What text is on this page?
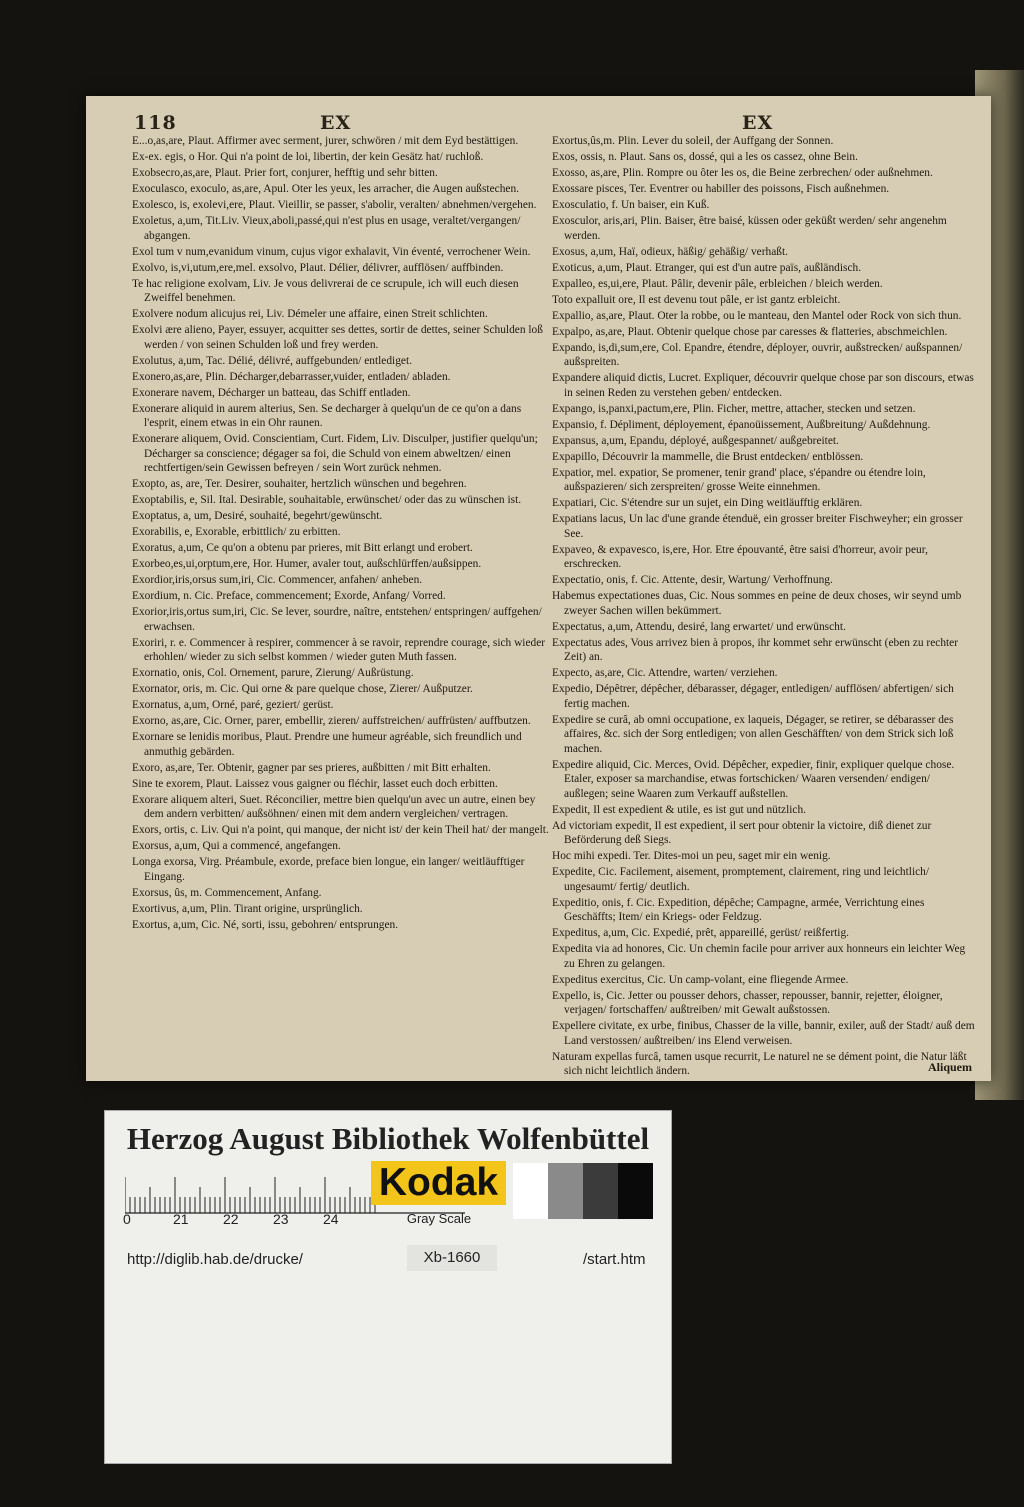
118	EX	EX
E...o,as,are, Plaut. Affirmer avec serment, jurer, schwören / mit dem Eyd bestättigen.
Ex-ex. egis, o Hor. Qui n'a point de loi, libertin, der kein Gesätz hat/ ruchloß.
Exobsecro,as,are, Plaut. Prier fort, conjurer, hefftig und sehr bitten.
Exoculasco, exoculo, as,are, Apul. Oter les yeux, les arracher, die Augen außstechen.
Exolesco, is, exolevi,ere, Plaut. Vieillir, se passer, s'abolir, veralten/ abnehmen/vergehen.
Exoletus, a,um, Tit.Liv. Vieux,aboli,passé,qui n'est plus en usage, veraltet/vergangen/ abgangen.
Exol tum v num,evanidum vinum, cujus vigor exhalavit, Vin éventé, verrochener Wein.
Exolvo, is,vi,utum,ere,mel. exsolvo, Plaut. Délier, délivrer, aufflösen/ auffbinden.
Te hac religione exolvam, Liv. Je vous delivrerai de ce scrupule, ich will euch diesen Zweiffel benehmen.
Exolvere nodum alicujus rei, Liv. Démeler une affaire, einen Streit schlichten.
Exolvi ære alieno, Payer, essuyer, acquitter ses dettes, sortir de dettes, seiner Schulden loß werden / von seinen Schulden loß und frey werden.
Exolutus, a,um, Tac. Délié, délivré, auffgebunden/ entlediget.
Exonero,as,are, Plin. Décharger,debarrasser,vuider, entladen/ abladen.
Exonerare navem, Décharger un batteau, das Schiff entladen.
Exonerare aliquid in aurem alterius, Sen. Se decharger à quelqu'un de ce qu'on a dans l'esprit, einem etwas in ein Ohr raunen.
Exonerare aliquem, Ovid. Conscientiam, Curt. Fidem, Liv. Disculper, justifier quelqu'un; Décharger sa conscience; dégager sa foi, die Schuld von einem abweltzen/ einen rechtfertigen/sein Gewissen befreyen / sein Wort zurück nehmen.
Exopto, as, are, Ter. Desirer, souhaiter, hertzlich wünschen und begehren.
Exoptabilis, e, Sil. Ital. Desirable, souhaitable, erwünschet/ oder das zu wünschen ist.
Exoptatus, a, um, Desiré, souhaité, begehrt/gewünscht.
Exorabilis, e, Exorable, erbittlich/ zu erbitten.
Exoratus, a,um, Ce qu'on a obtenu par prieres, mit Bitt erlangt und erobert.
Exorbeo,es,ui,orptum,ere, Hor. Humer, avaler tout, außschlürffen/außsippen.
Exordior,iris,orsus sum,iri, Cic. Commencer, anfahen/ anheben.
Exordium, n. Cic. Preface, commencement; Exorde, Anfang/ Vorred.
Exorior,iris,ortus sum,iri, Cic. Se lever, sourdre, naître, entstehen/ entspringen/ auffgehen/ erwachsen.
Exoriri, r. e. Commencer à respirer, commencer à se ravoir, reprendre courage, sich wieder erhohlen/ wieder zu sich selbst kommen / wieder guten Muth fassen.
Exornatio, onis, Col. Ornement, parure, Zierung/ Außrüstung.
Exornator, oris, m. Cic. Qui orne & pare quelque chose, Zierer/ Außputzer.
Exornatus, a,um, Orné, paré, geziert/ gerüst.
Exorno, as,are, Cic. Orner, parer, embellir, zieren/ auffstreichen/ auffrüsten/ auffbutzen.
Exornare se lenidis moribus, Plaut. Prendre une humeur agréable, sich freundlich und anmuthig gebärden.
Exoro, as,are, Ter. Obtenir, gagner par ses prieres, außbitten / mit Bitt erhalten.
Sine te exorem, Plaut. Laissez vous gaigner ou fléchir, lasset euch doch erbitten.
Exorare aliquem alteri, Suet. Réconcilier, mettre bien quelqu'un avec un autre, einen bey dem andern verbitten/ außsöhnen/ einen mit dem andern vergleichen/ vertragen.
Exors, ortis, c. Liv. Qui n'a point, qui manque, der nicht ist/ der kein Theil hat/ der mangelt.
Exorsus, a,um, Qui a commencé, angefangen.
Longa exorsa, Virg. Préambule, exorde, preface bien longue, ein langer/ weitläufftiger Eingang.
Exorsus, ûs, m. Commencement, Anfang.
Exortivus, a,um, Plin. Tirant origine, ursprünglich.
Exortus, a,um, Cic. Né, sorti, issu, gebohren/ entsprungen.
Exortus,ûs,m. Plin. Lever du soleil, der Auffgang der Sonnen.
Exos, ossis, n. Plaut. Sans os, dossé, qui a les os cassez, ohne Bein.
Exosso, as,are, Plin. Rompre ou ôter les os, die Beine zerbrechen/ oder außnehmen.
Exossare pisces, Ter. Eventrer ou habiller des poissons, Fisch außnehmen.
Exosculatio, f. Un baiser, ein Kuß.
Exosculor, aris,ari, Plin. Baiser, être baisé, küssen oder geküßt werden/ sehr angenehm werden.
Exosus, a,um, Haï, odieux, häßig/ gehäßig/ verhaßt.
Exoticus, a,um, Plaut. Etranger, qui est d'un autre païs, außländisch.
Expalleo, es,ui,ere, Plaut. Pâlir, devenir pâle, erbleichen / bleich werden.
Toto expalluit ore, Il est devenu tout pâle, er ist gantz erbleicht.
Expallio, as,are, Plaut. Oter la robbe, ou le manteau, den Mantel oder Rock von sich thun.
Expalpo, as,are, Plaut. Obtenir quelque chose par caresses & flatteries, abschmeichlen.
Expando, is,di,sum,ere, Col. Epandre, étendre, déployer, ouvrir, außstrecken/ außspannen/ außspreiten.
Expandere aliquid dictis, Lucret. Expliquer, découvrir quelque chose par son discours, etwas in seinen Reden zu verstehen geben/ entdecken.
Expango, is,panxi,pactum,ere, Plin. Ficher, mettre, attacher, stecken und setzen.
Expansio, f. Dépliment, déployement, épanoüissement, Außbreitung/ Außdehnung.
Expansus, a,um, Epandu, déployé, außgespannet/ außgebreitet.
Expapillo, Découvrir la mammelle, die Brust entdecken/ entblössen.
Expatior, mel. expatior, Se promener, tenir grand' place, s'épandre ou étendre loin, außspazieren/ sich zerspreiten/ grosse Weite einnehmen.
Expatiari, Cic. S'étendre sur un sujet, ein Ding weitläufftig erklären.
Expatians lacus, Un lac d'une grande étenduë, ein grosser breiter Fischweyher; ein grosser See.
Expaveo, & expavesco, is,ere, Hor. Etre épouvanté, être saisi d'horreur, avoir peur, erschrecken.
Expectatio, onis, f. Cic. Attente, desir, Wartung/ Verhoffnung.
Habemus expectationes duas, Cic. Nous sommes en peine de deux choses, wir seynd umb zweyer Sachen willen bekümmert.
Expectatus, a,um, Attendu, desiré, lang erwartet/ und erwünscht.
Expectatus ades, Vous arrivez bien à propos, ihr kommet sehr erwünscht (eben zu rechter Zeit) an.
Expecto, as,are, Cic. Attendre, warten/ verziehen.
Expedio, Dépêtrer, dépêcher, débarasser, dégager, entledigen/ aufflösen/ abfertigen/ sich fertig machen.
Expedire se curâ, ab omni occupatione, ex laqueis, Dégager, se retirer, se débarasser des affaires, &c. sich der Sorg entledigen; von allen Geschäfften/ von dem Strick sich loß machen.
Expedire aliquid, Cic. Merces, Ovid. Dépêcher, expedier, finir, expliquer quelque chose. Etaler, exposer sa marchandise, etwas fortschicken/ Waaren versenden/ endigen/ außlegen; seine Waaren zum Verkauff außstellen.
Expedit, Il est expedient & utile, es ist gut und nützlich.
Ad victoriam expedit, Il est expedient, il sert pour obtenir la victoire, diß dienet zur Beförderung deß Siegs.
Hoc mihi expedi. Ter. Dites-moi un peu, saget mir ein wenig.
Expedite, Cic. Facilement, aisement, promptement, clairement, ring und leichtlich/ ungesaumt/ fertig/ deutlich.
Expeditio, onis, f. Cic. Expedition, dépêche; Campagne, armée, Verrichtung eines Geschäffts; Item/ ein Kriegs- oder Feldzug.
Expeditus, a,um, Cic. Expedié, prêt, appareillé, gerüst/ reißfertig.
Expedita via ad honores, Cic. Un chemin facile pour arriver aux honneurs ein leichter Weg zu Ehren zu gelangen.
Expeditus exercitus, Cic. Un camp-volant, eine fliegende Armee.
Expello, is, Cic. Jetter ou pousser dehors, chasser, repousser, bannir, rejetter, éloigner, verjagen/ fortschaffen/ außtreiben/ mit Gewalt außstossen.
Expellere civitate, ex urbe, finibus, Chasser de la ville, bannir, exiler, auß der Stadt/ auß dem Land verstossen/ außtreiben/ ins Elend verweisen.
Naturam expellas furcâ, tamen usque recurrit, Le naturel ne se dément point, die Natur läßt sich nicht leichtlich ändern.	Aliquem
Herzog August Bibliothek Wolfenbüttel
0	21 22 23 24
Kodak
Gray Scale
http://diglib.hab.de/drucke/	Xb-1660	/start.htm
